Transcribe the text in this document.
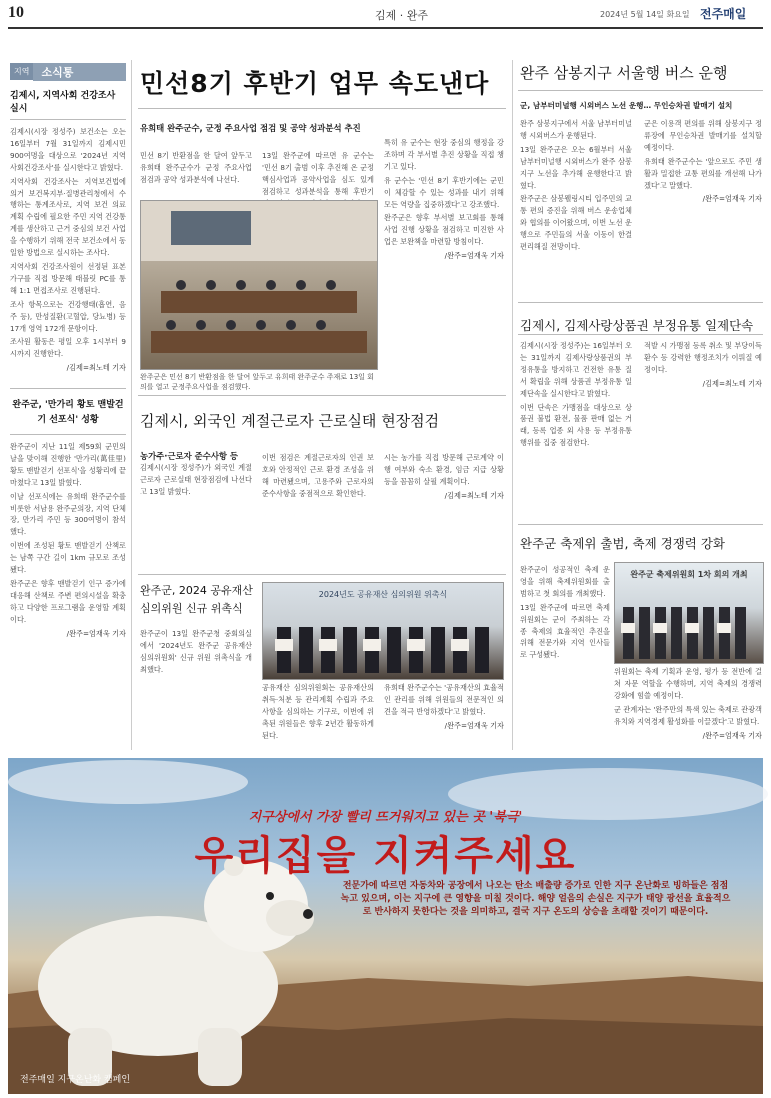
10	김제 · 완주	2024년 5월 14일 화요일 전주매일
지역	소식통
김제시, 지역사회 건강조사 실시

김제시(시장 정성주) 보건소는 오는 16일부터 7월 31일까지 김제시민 900여명을 대상으로 '2024년 지역사회건강조사'를 실시한다고 밝혔다.

지역사회 건강조사는 지역보건법에 의거 보건복지부·질병관리청에서 수행하는 통계조사로, 지역 보건 의료 계획 수립에 필요한 주민 지역 건강통계를 생산하고 근거 중심의 보건 사업을 수행하기 위해 전국 보건소에서 동일한 방법으로 실시하는 조사다.

지역사회 건강조사원이 선정된 표본 가구를 직접 방문해 태블릿 PC를 통해 1:1 면접조사로 진행된다.

조사 항목으로는 건강행태(흡연, 음주 등), 만성질환(고혈압, 당뇨병) 등 17개 영역 172개 문항이다.

조사원 활동은 평일 오후 1시부터 9시까지 진행한다.

/김제=최노테 기자
완주군, '만가리 황토 맨발걷기 선포식' 성황

완주군이 지난 11일 제59회 군민의 날을 맞이해 진행한 '만가리(萬佳里) 황토 맨발걷기 선포식'을 성황리에 끝마쳤다고 13일 밝혔다.

이날 선포식에는 유희태 완주군수를 비롯한 서남용 완주군의장, 지역 단체장, 만가리 주민 등 300여명이 참석했다.

이번에 조성된 황토 맨발걷기 산책로는 남쪽 구간 길이 1km 규모로 조성됐다.

완주군은 향후 맨발걷기 인구 증가에 대응해 산책로 주변 편의시설을 확충하고 다양한 프로그램을 운영할 계획이다.

/완주=엄재욱 기자
민선8기 후반기 업무 속도낸다
유희태 완주군수, 군정 주요사업 점검 및 공약 성과분석 추진

민선 8기 반환점을 한 달여 앞두고 유희태 완주군수가 군정 주요사업 점검과 공약 성과분석에 나선다.

13일 완주군에 따르면 유 군수는 '민선 8기 출범 이후 추진해 온 군정 핵심사업과 공약사업을 심도 있게 점검하고 성과분석을 통해 후반기

특히 유 군수는 현장 중심의 행정을 강조하며 각 부서별 추진 상황을 직접 챙기고 있다.

유 군수는 '민선 8기 후반기에는 군민이 체감할 수 있는 성과를 내기 위해 모든 역량을 집중하겠다'고 강조했다.

완주군은 향후 부서별 보고회를 통해 사업 진행 상황을 점검하고 미진한 사업은 보완책을 마련할 방침이다.

/완주=엄재욱 기자
완주군은 민선 8기 반환점을 한 달여 앞두고 유희태 완주군수 주재로 13일 회의를 열고 군정주요사업을 점검했다.
김제시, 외국인 계절근로자 근로실태 현장점검
농가주·근로자 준수사항 등

김제시(시장 정성주)가 외국인 계절근로자 근로실태 현장점검에 나선다고 13일 밝혔다.

이번 점검은 계절근로자의 인권 보호와 안정적인 근로 환경 조성을 위해 마련됐으며, 고용주와 근로자의 준수사항을 중점적으로 확인한다.

시는 농가를 직접 방문해 근로계약 이행 여부와 숙소 환경, 임금 지급 상황 등을 꼼꼼히 살필 계획이다.

/김제=최노테 기자
완주군, 2024 공유재산
심의위원 신규 위촉식

완주군이 13일 완주군청 중회의실에서 '2024년도 완주군 공유재산 심의위원회' 신규 위원 위촉식을 개최했다.

2024년도 공유재산 심의위원 위촉식

공유재산 심의위원회는 공유재산의 취득·처분 등 관리계획 수립과 주요 사항을 심의하는 기구로, 이번에 위촉된 위원들은 향후 2년간 활동하게 된다.

유희태 완주군수는 '공유재산의 효율적인 관리를 위해 위원들의 전문적인 의견을 적극 반영하겠다'고 밝혔다.

/완주=엄재욱 기자
완주 삼봉지구 서울행 버스 운행
군, 남부터미널행 시외버스 노선 운행… 무인승차권 발매기 설치

완주 삼봉지구에서 서울 남부터미널행 시외버스가 운행된다.

13일 완주군은 오는 6월부터 서울 남부터미널행 시외버스가 완주 삼봉지구 노선을 추가해 운행한다고 밝혔다.

완주군은 삼봉웰링시티 입주민의 교통 편의 증진을 위해 버스 운송업체와 협의를 이어왔으며, 이번 노선 운행으로 주민들의 서울 이동이 한결 편리해질 전망이다.

군은 이용객 편의를 위해 삼봉지구 정류장에 무인승차권 발매기를 설치할 예정이다.

유희태 완주군수는 '앞으로도 주민 생활과 밀접한 교통 편의를 개선해 나가겠다'고 말했다.

/완주=엄재욱 기자
김제시, 김제사랑상품권 부정유통 일제단속

김제시(시장 정성주)는 16일부터 오는 31일까지 김제사랑상품권의 부정유통을 방지하고 건전한 유통 질서 확립을 위해 상품권 부정유통 일제단속을 실시한다고 밝혔다.

이번 단속은 가맹점을 대상으로 상품권 불법 환전, 물품 판매 없는 거래, 등록 업종 외 사용 등 부정유통 행위를 집중 점검한다.

적발 시 가맹점 등록 취소 및 부당이득 환수 등 강력한 행정조치가 이뤄질 예정이다.

/김제=최노테 기자
완주군 축제위 출범, 축제 경쟁력 강화

완주군이 성공적인 축제 운영을 위해 축제위원회를 출범하고 첫 회의를 개최했다.

13일 완주군에 따르면 축제위원회는 군이 주최하는 각종 축제의 효율적인 추진을 위해 전문가와 지역 인사들로 구성됐다.

완주군 축제위원회 1차 회의 개최

위원회는 축제 기획과 운영, 평가 등 전반에 걸쳐 자문 역할을 수행하며, 지역 축제의 경쟁력 강화에 힘쓸 예정이다.

군 관계자는 '완주만의 특색 있는 축제로 관광객 유치와 지역경제 활성화를 이끌겠다'고 밝혔다.

/완주=엄재욱 기자
지구상에서 가장 빨리 뜨거워지고 있는 곳 '북극'
우리집을 지켜주세요
전문가에 따르면 자동차와 공장에서 나오는 탄소 배출량 증가로 인한 지구 온난화로 빙하들은 점점 녹고 있으며, 이는 지구에 큰 영향을 미칠 것이다. 해양 얼음의 손실은 지구가 태양 광선을 효율적으로 반사하지 못한다는 것을 의미하고, 결국 지구 온도의 상승을 초래할 것이기 때문이다.
전주매일 지구온난화 캠페인
